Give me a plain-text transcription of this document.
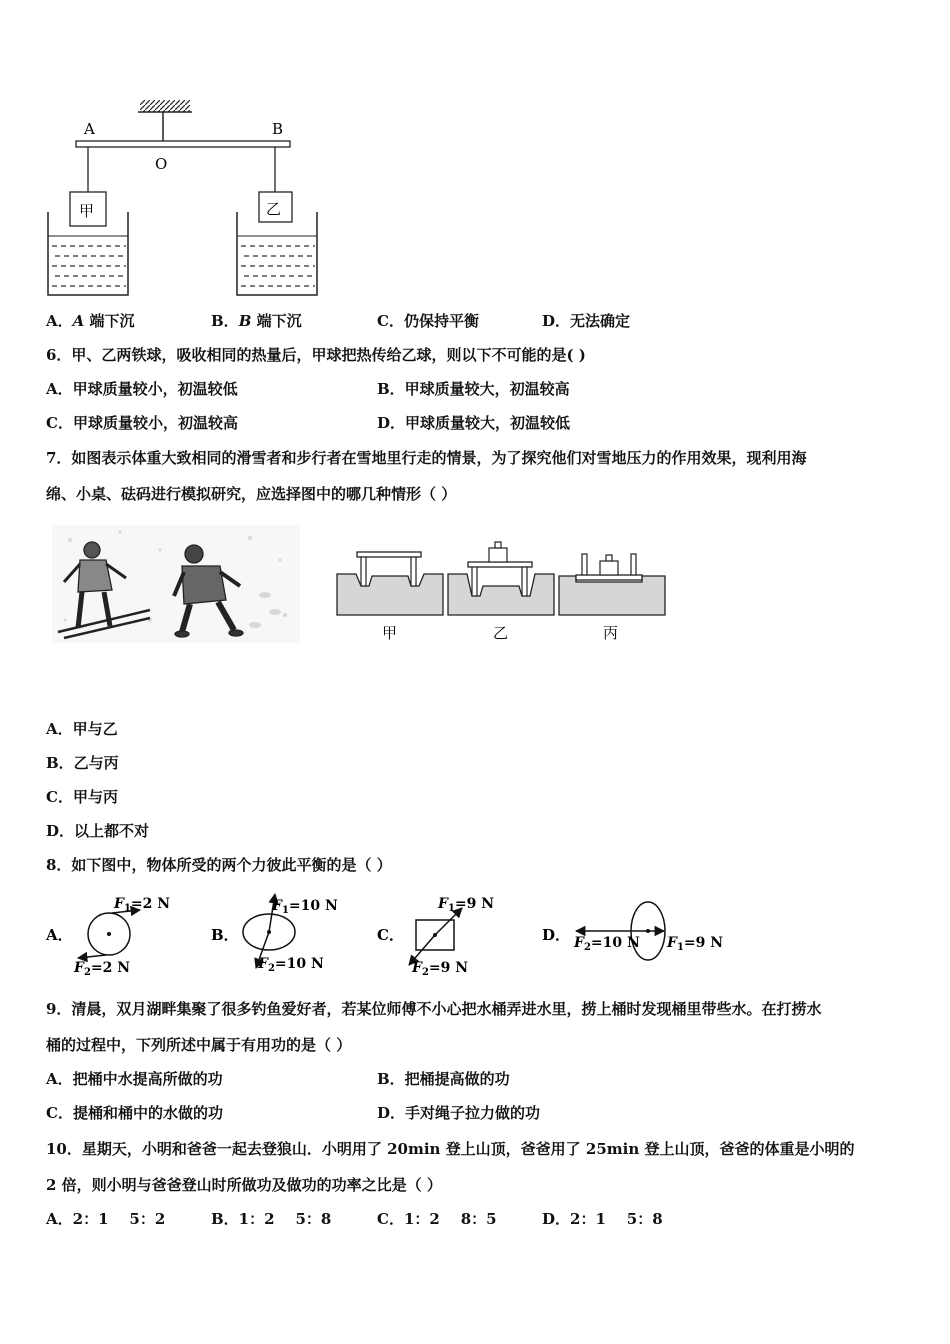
A	B
O
甲	乙
A．A 端下沉	B．B 端下沉	C．仍保持平衡	D．无法确定
6．甲、乙两铁球，吸收相同的热量后，甲球把热传给乙球，则以下不可能的是( )
A．甲球质量较小，初温较低	B．甲球质量较大，初温较高
C．甲球质量较小，初温较高	D．甲球质量较大，初温较低
7．如图表示体重大致相同的滑雪者和步行者在雪地里行走的情景，为了探究他们对雪地压力的作用效果，现利用海
绵、小桌、砝码进行模拟研究，应选择图中的哪几种情形（ ）
甲	乙	丙
A．甲与乙
B．乙与丙
C．甲与丙
D．以上都不对
8．如下图中，物体所受的两个力彼此平衡的是（ ）
A．
$F_1=2$ N
$F_2=2$ N
B．
$F_1=10$ N
$F_2=10$ N
C．
$F_1=9$ N
$F_2=9$ N
D． $F_2=10$ N $F_1=9$ N
9．清晨，双月湖畔集聚了很多钓鱼爱好者，若某位师傅不小心把水桶弄进水里，捞上桶时发现桶里带些水。在打捞水
桶的过程中，下列所述中属于有用功的是（ ）
A．把桶中水提高所做的功	B．把桶提高做的功
C．提桶和桶中的水做的功	D．手对绳子拉力做的功
10．星期天，小明和爸爸一起去登狼山．小明用了 20min 登上山顶，爸爸用了 25min 登上山顶，爸爸的体重是小明的
2 倍，则小明与爸爸登山时所做功及做功的功率之比是（ ）
A．2：1    5：2	B．1：2    5：8	C．1：2    8：5	D．2：1    5：8
